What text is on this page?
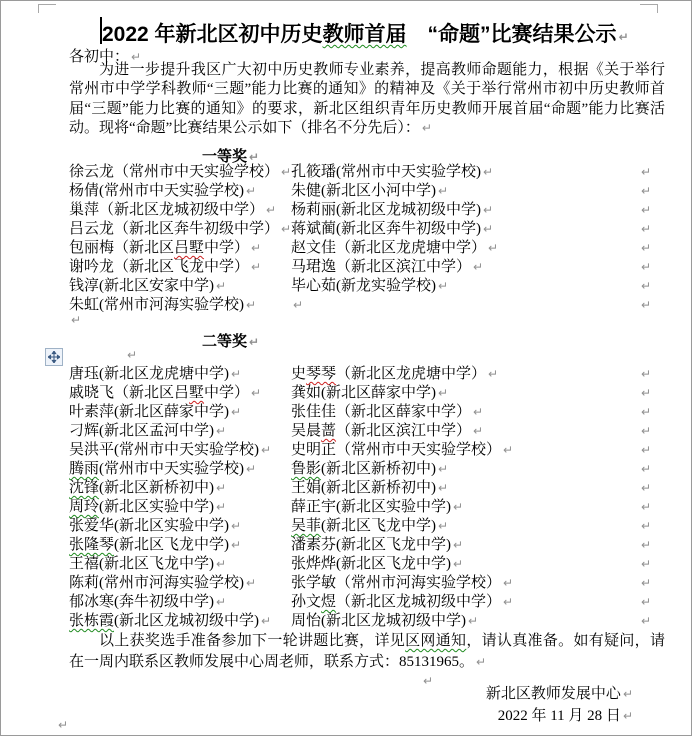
2022 年新北区初中历史教师首届　“命题”比赛结果公示 ↵
各初中： ↵
为进一步提升我区广大初中历史教师专业素养，提高教师命题能力，根据《关于举行常州市中学学科教师“三题”能力比赛的通知》的精神及《关于举行常州市初中历史教师首届“三题”能力比赛的通知》的要求，新北区组织青年历史教师开展首届“命题”能力比赛活动。现将“命题”比赛结果公示如下（排名不分先后）： ↵
一等奖 ↵
徐云龙（常州市中天实验学校） ↵ 孔筱璠(常州市中天实验学校) ↵	↵
杨倩(常州市中天实验学校) ↵	朱健(新北区小河中学) ↵	↵
巢萍（新北区龙城初级中学） ↵ 杨莉丽(新北区龙城初级中学) ↵	↵
吕云龙（新北区奔牛初级中学） ↵ 蒋斌蔺(新北区奔牛初级中学) ↵	↵
包丽梅（新北区吕墅中学） ↵	赵文佳（新北区龙虎塘中学） ↵	↵
谢吟龙（新北区飞龙中学） ↵	马珺逸（新北区滨江中学） ↵	↵
钱淳(新北区安家中学) ↵	毕心茹(新龙实验学校) ↵	↵
朱虹(常州市河海实验学校) ↵	↵	↵
↵
二等奖 ↵
↵
唐珏(新北区龙虎塘中学) ↵	史琴琴（新北区龙虎塘中学） ↵	↵
戚晓飞（新北区吕墅中学） ↵	龚如(新北区薛家中学) ↵	↵
叶素萍(新北区薛家中学) ↵	张佳佳（新北区薛家中学） ↵	↵
刁辉(新北区孟河中学) ↵	吴晨蔷（新北区滨江中学） ↵	↵
吴洪平(常州市中天实验学校) ↵	史明正（常州市中天实验学校） ↵	↵
腾雨(常州市中天实验学校) ↵	鲁影(新北区新桥初中) ↵	↵
沈锋(新北区新桥初中) ↵	王娟(新北区新桥初中) ↵	↵
周玲(新北区实验中学) ↵	薛正宇(新北区实验中学) ↵	↵
张爱华(新北区实验中学) ↵	吴菲(新北区飞龙中学) ↵	↵
张隆琴(新北区飞龙中学) ↵	潘素芬(新北区飞龙中学) ↵	↵
王禧(新北区飞龙中学) ↵	张烨烨(新北区飞龙中学) ↵	↵
陈莉(常州市河海实验学校) ↵	张学敏（常州市河海实验学校） ↵	↵
郁冰寒(奔牛初级中学) ↵	孙文煜（新北区龙城初级中学） ↵	↵
张栋霞(新北区龙城初级中学) ↵	周怡(新北区龙城初级中学) ↵	↵
以上获奖选手准备参加下一轮讲题比赛，详见区网通知，请认真准备。如有疑问，请在一周内联系区教师发展中心周老师，联系方式：85131965。 ↵
↵
新北区教师发展中心 ↵
2022 年 11 月 28 日 ↵
↵
